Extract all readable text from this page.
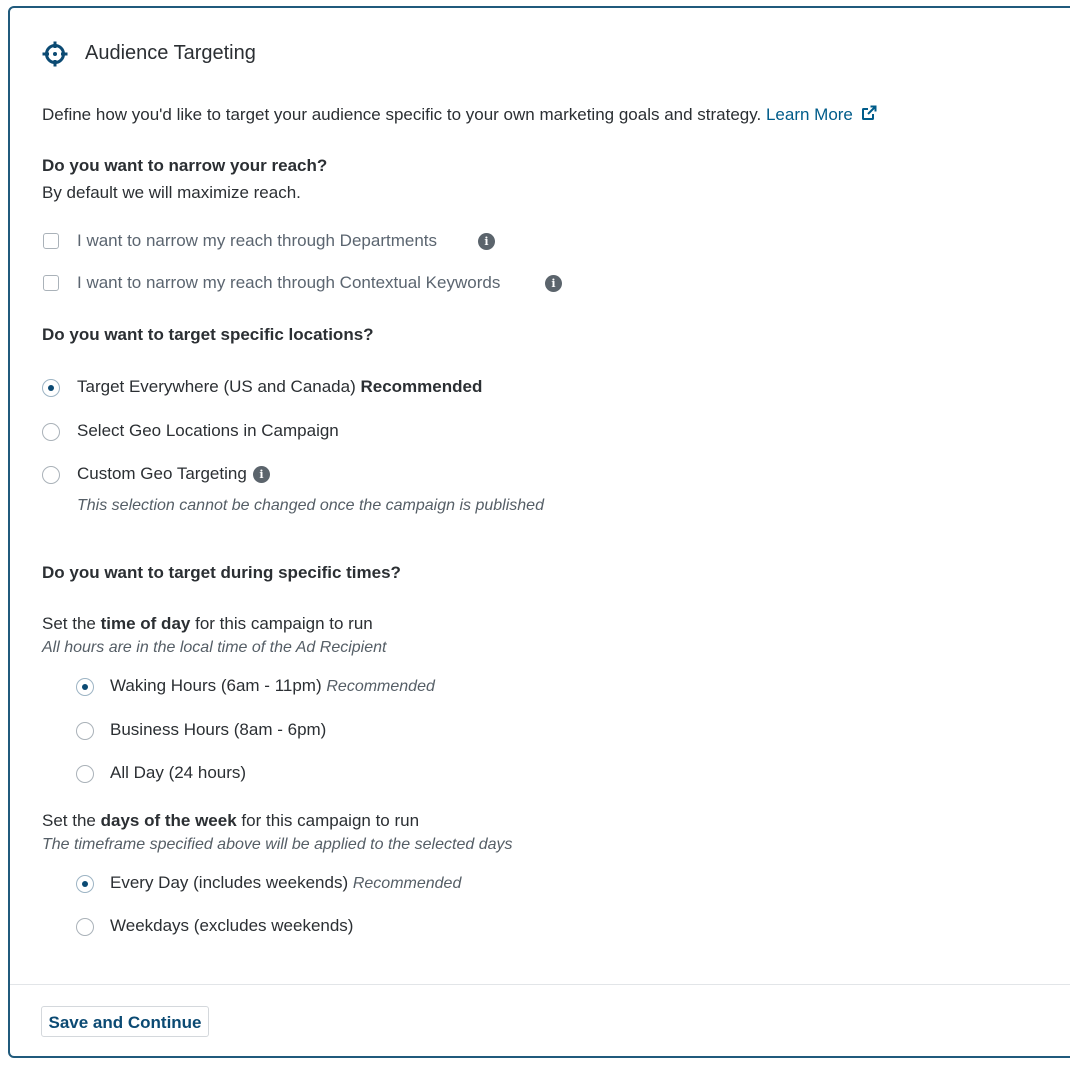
Audience Targeting
Define how you'd like to target your audience specific to your own marketing goals and strategy. Learn More
Do you want to narrow your reach?
By default we will maximize reach.
I want to narrow my reach through Departments	i
I want to narrow my reach through Contextual Keywords	i
Do you want to target specific locations?
Target Everywhere (US and Canada) Recommended
Select Geo Locations in Campaign
Custom Geo Targeting	i
This selection cannot be changed once the campaign is published
Do you want to target during specific times?
Set the time of day for this campaign to run
All hours are in the local time of the Ad Recipient
Waking Hours (6am - 11pm) Recommended
Business Hours (8am - 6pm)
All Day (24 hours)
Set the days of the week for this campaign to run
The timeframe specified above will be applied to the selected days
Every Day (includes weekends) Recommended
Weekdays (excludes weekends)
Save and Continue
